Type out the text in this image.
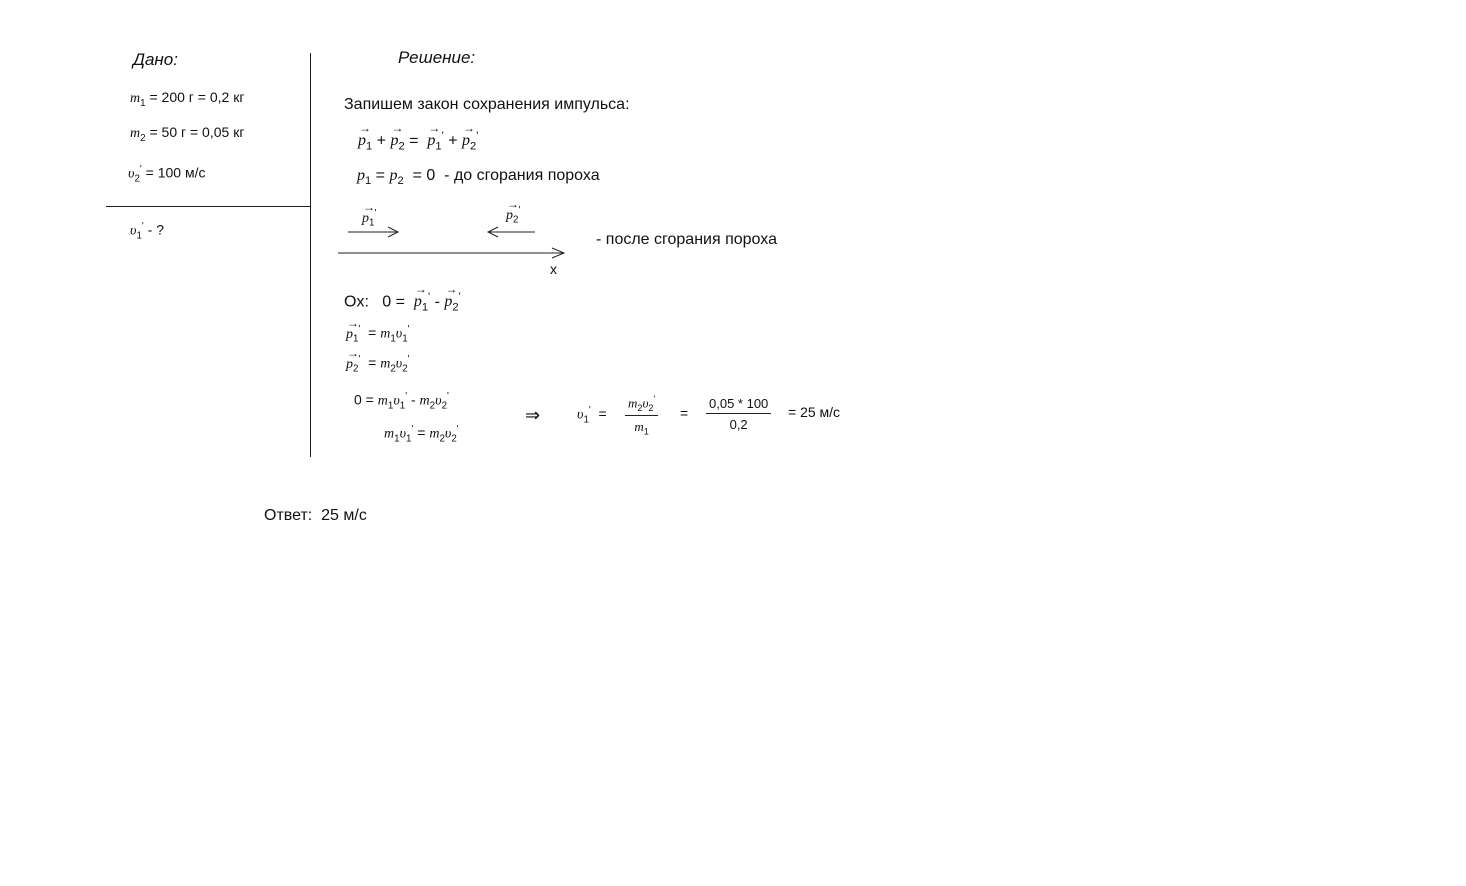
Дано:
$m_1 = 200$ г = 0,2 кг
$m_2 = 50$ г = 0,05 кг
$\upsilon_2' = 100$ м/с
$\upsilon_1'$ - ?
Решение:
Запишем закон сохранения импульса:
→ $p_1$ + → $p_2$ =  → $p_1'$ + → $p_2'$
$p_1 = p_2 = 0$ - до сгорания пороха
→ $p_1'$	→ $p_2'$
x
- после сгорания пороха
Ox: 0 = → $p_1'$ - → $p_2'$
→ $p_1' = m_1\upsilon_1'$
→ $p_2' = m_2\upsilon_2'$
$0 = m_1\upsilon_1' - m_2\upsilon_2'$
$m_1\upsilon_1' = m_2\upsilon_2'$
⇒	$\upsilon_1' = \frac{m_2\upsilon_2'}{m_1} = \frac{0,05 * 100}{0,2} = 25$ м/с
Ответ: 25 м/с
